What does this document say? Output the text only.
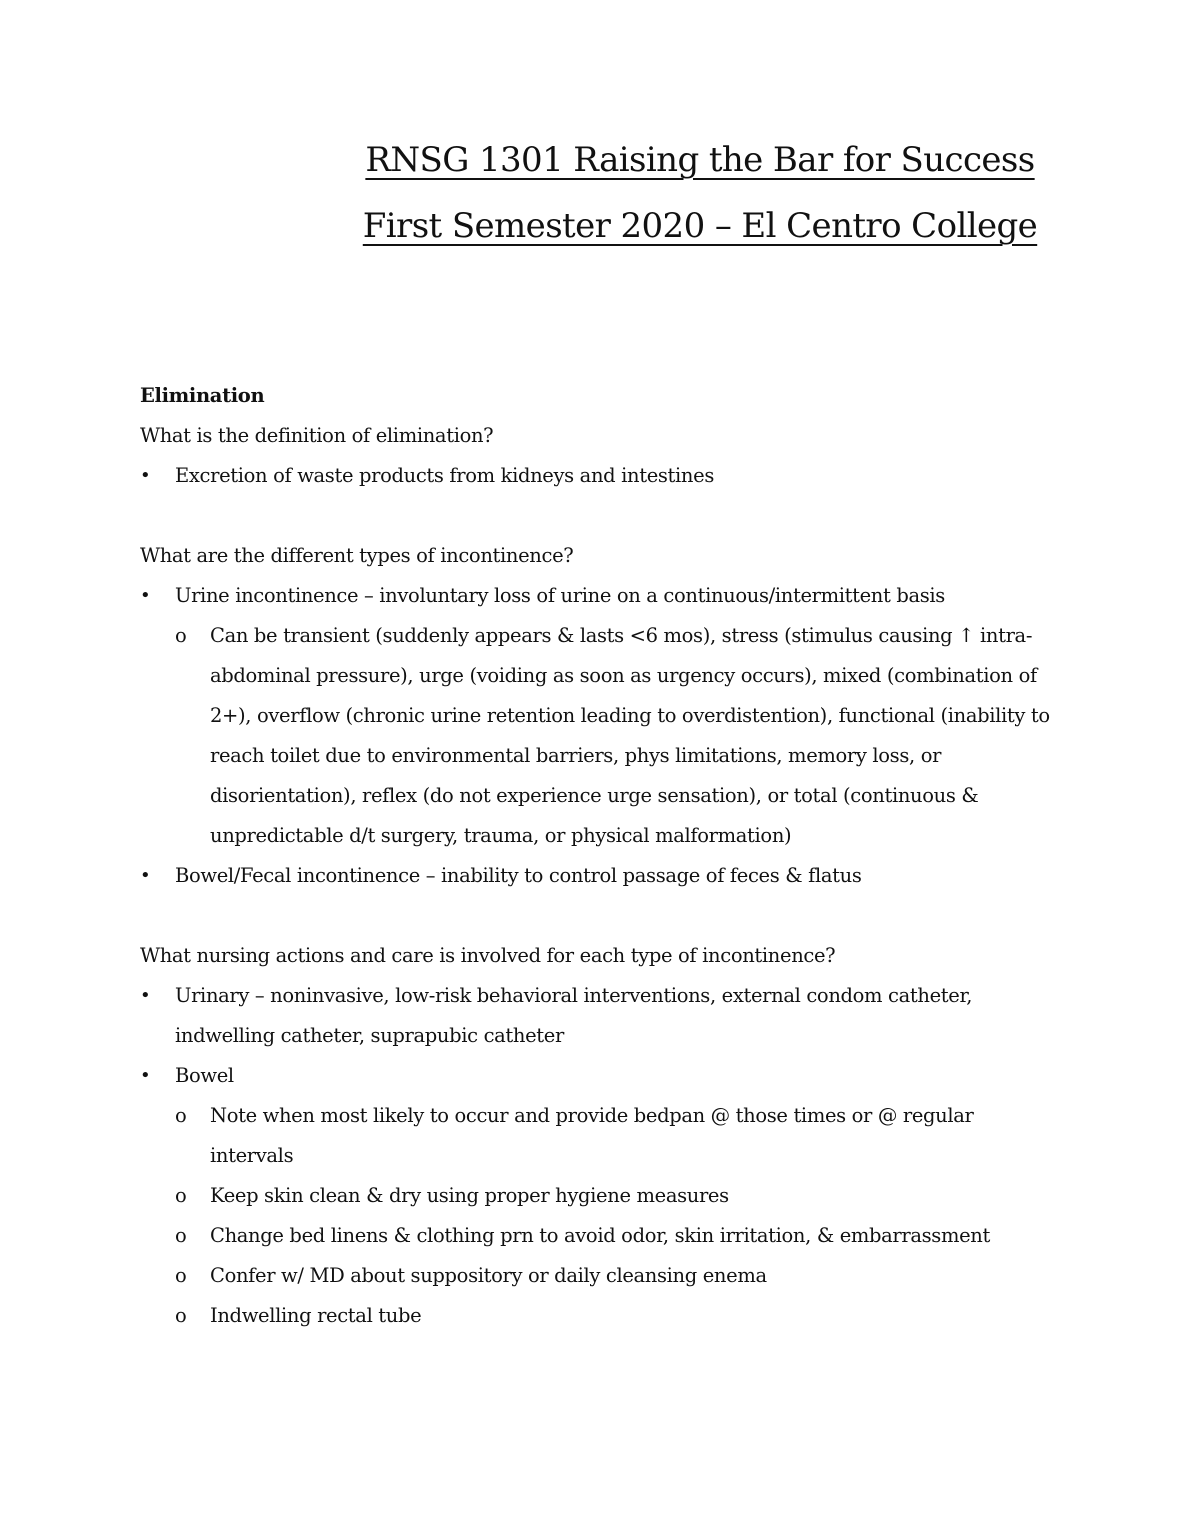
RNSG 1301 Raising the Bar for Success
First Semester 2020 – El Centro College

Elimination

What is the definition of elimination?

•	Excretion of waste products from kidneys and intestines

What are the different types of incontinence?

•	Urine incontinence – involuntary loss of urine on a continuous/intermittent basis
o	Can be transient (suddenly appears & lasts <6 mos), stress (stimulus causing ↑ intra-abdominal pressure), urge (voiding as soon as urgency occurs), mixed (combination of 2+), overflow (chronic urine retention leading to overdistention), functional (inability to reach toilet due to environmental barriers, phys limitations, memory loss, or disorientation), reflex (do not experience urge sensation), or total (continuous & unpredictable d/t surgery, trauma, or physical malformation)
•	Bowel/Fecal incontinence – inability to control passage of feces & flatus

What nursing actions and care is involved for each type of incontinence?

•	Urinary – noninvasive, low-risk behavioral interventions, external condom catheter, indwelling catheter, suprapubic catheter
•	Bowel
o	Note when most likely to occur and provide bedpan @ those times or @ regular intervals
o	Keep skin clean & dry using proper hygiene measures
o	Change bed linens & clothing prn to avoid odor, skin irritation, & embarrassment
o	Confer w/ MD about suppository or daily cleansing enema
o	Indwelling rectal tube
